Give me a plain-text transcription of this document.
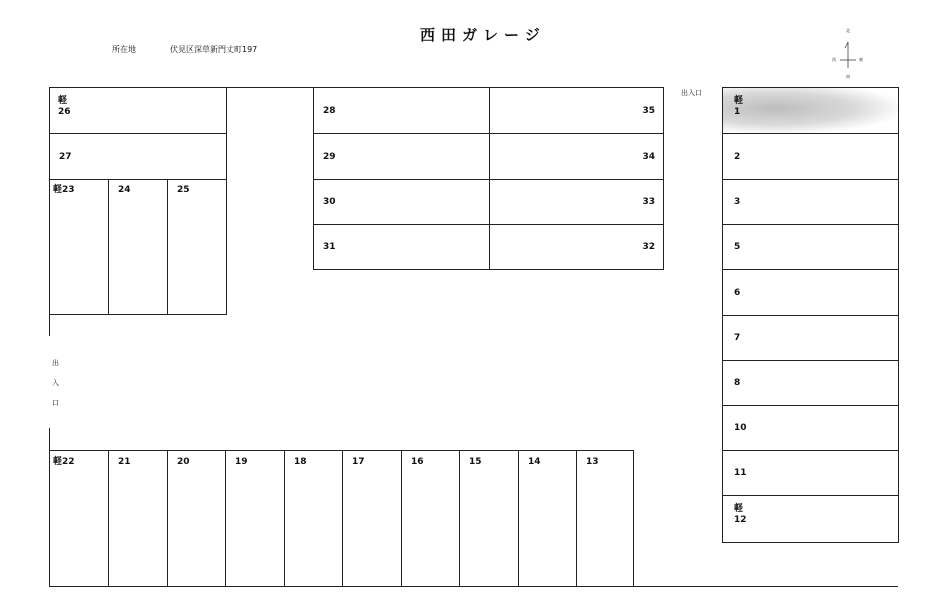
西田ガレージ
所在地	伏見区深草新門丈町197
北
西	東
南
出入口
出
入
口
軽
26
27
軽23	24	25
28
29
30
31
35
34
33
32
軽
1
2
3
5
6
7
8
10
11
軽
12
軽22	21	20	19	18	17	16	15	14	13
